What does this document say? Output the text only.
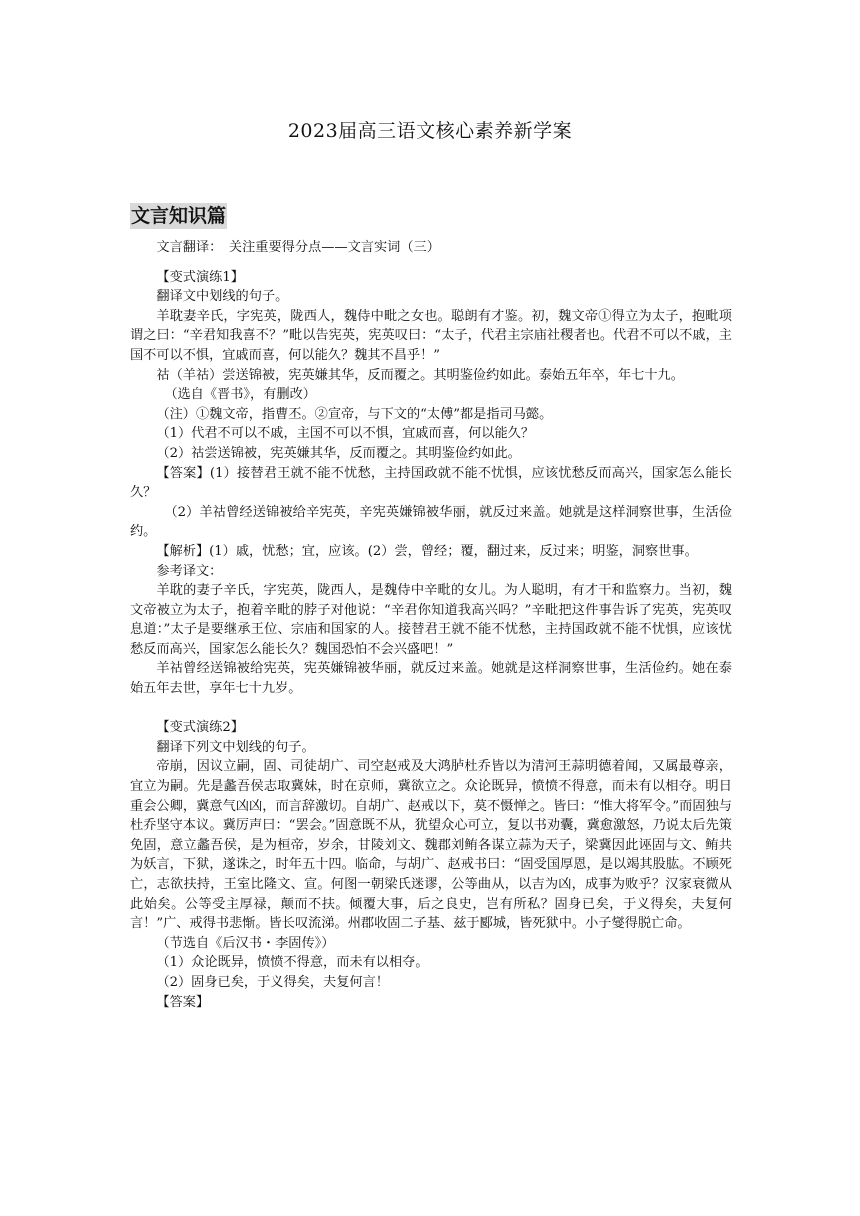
2023届高三语文核心素养新学案
文言知识篇

文言翻译：　关注重要得分点——文言实词（三）

【变式演练1】

翻译文中划线的句子。

羊耽妻辛氏，字宪英，陇西人，魏侍中毗之女也。聪朗有才鉴。初，魏文帝①得立为太子，抱毗项谓之曰：“辛君知我喜不？”毗以告宪英，宪英叹曰：“太子，代君主宗庙社稷者也。代君不可以不戚，主国不可以不惧，宜戚而喜，何以能久？魏其不昌乎！”

祜（羊祜）尝送锦被，宪英嫌其华，反而覆之。其明鉴俭约如此。泰始五年卒，年七十九。

（选自《晋书》，有删改）

（注）①魏文帝，指曹丕。②宣帝，与下文的“太傅”都是指司马懿。

（1）代君不可以不戚，主国不可以不惧，宜戚而喜，何以能久？

（2）祜尝送锦被，宪英嫌其华，反而覆之。其明鉴俭约如此。

【答案】(1）接替君王就不能不忧愁，主持国政就不能不忧惧，应该忧愁反而高兴，国家怎么能长久？

（2）羊祜曾经送锦被给辛宪英，辛宪英嫌锦被华丽，就反过来盖。她就是这样洞察世事，生活俭约。

【解析】(1）戚，忧愁；宜，应该。(2）尝，曾经；覆，翻过来，反过来；明鉴，洞察世事。

参考译文：

羊耽的妻子辛氏，字宪英，陇西人，是魏侍中辛毗的女儿。为人聪明，有才干和监察力。当初，魏文帝被立为太子，抱着辛毗的脖子对他说：“辛君你知道我高兴吗？”辛毗把这件事告诉了宪英，宪英叹息道：”太子是要继承王位、宗庙和国家的人。接替君王就不能不忧愁，主持国政就不能不忧惧，应该忧愁反而高兴，国家怎么能长久？魏国恐怕不会兴盛吧！”

羊祜曾经送锦被给宪英，宪英嫌锦被华丽，就反过来盖。她就是这样洞察世事，生活俭约。她在泰始五年去世，享年七十九岁。

【变式演练2】

翻译下列文中划线的句子。

帝崩，因议立嗣，固、司徒胡广、司空赵戒及大鸿胪杜乔皆以为清河王蒜明德着闻，又属最尊亲，宜立为嗣。先是蠡吾侯志取冀妹，时在京师，冀欲立之。众论既异，愤愤不得意，而未有以相夺。明日重会公卿，冀意气凶凶，而言辞激切。自胡广、赵戒以下，莫不慑惮之。皆曰：“惟大将军令。”而固独与杜乔坚守本议。冀厉声曰：“罢会。”固意既不从，犹望众心可立，复以书劝囊，冀愈激怒，乃说太后先策免固，意立蠡吾侯，是为桓帝，岁余，甘陵刘文、魏郡刘鲔各谋立蒜为天子，梁冀因此诬固与文、鲔共为妖言，下狱，遂诛之，时年五十四。临命，与胡广、赵戒书曰：“固受国厚恩，是以竭其股肱。不顾死亡，志欲扶持，王室比隆文、宣。何图一朝梁氏迷谬，公等曲从，以吉为凶，成事为败乎？汉家衰微从此始矣。公等受主厚禄，颠而不扶。倾覆大事，后之良史，岂有所私？固身已矣，于义得矣，夫复何言！”广、戒得书悲惭。皆长叹流涕。州郡收固二子基、兹于郾城，皆死狱中。小子燮得脱亡命。

（节选自《后汉书・李固传》）

（1）众论既异，愤愤不得意，而未有以相夺。

（2）固身已矣，于义得矣，夫复何言！

【答案】
